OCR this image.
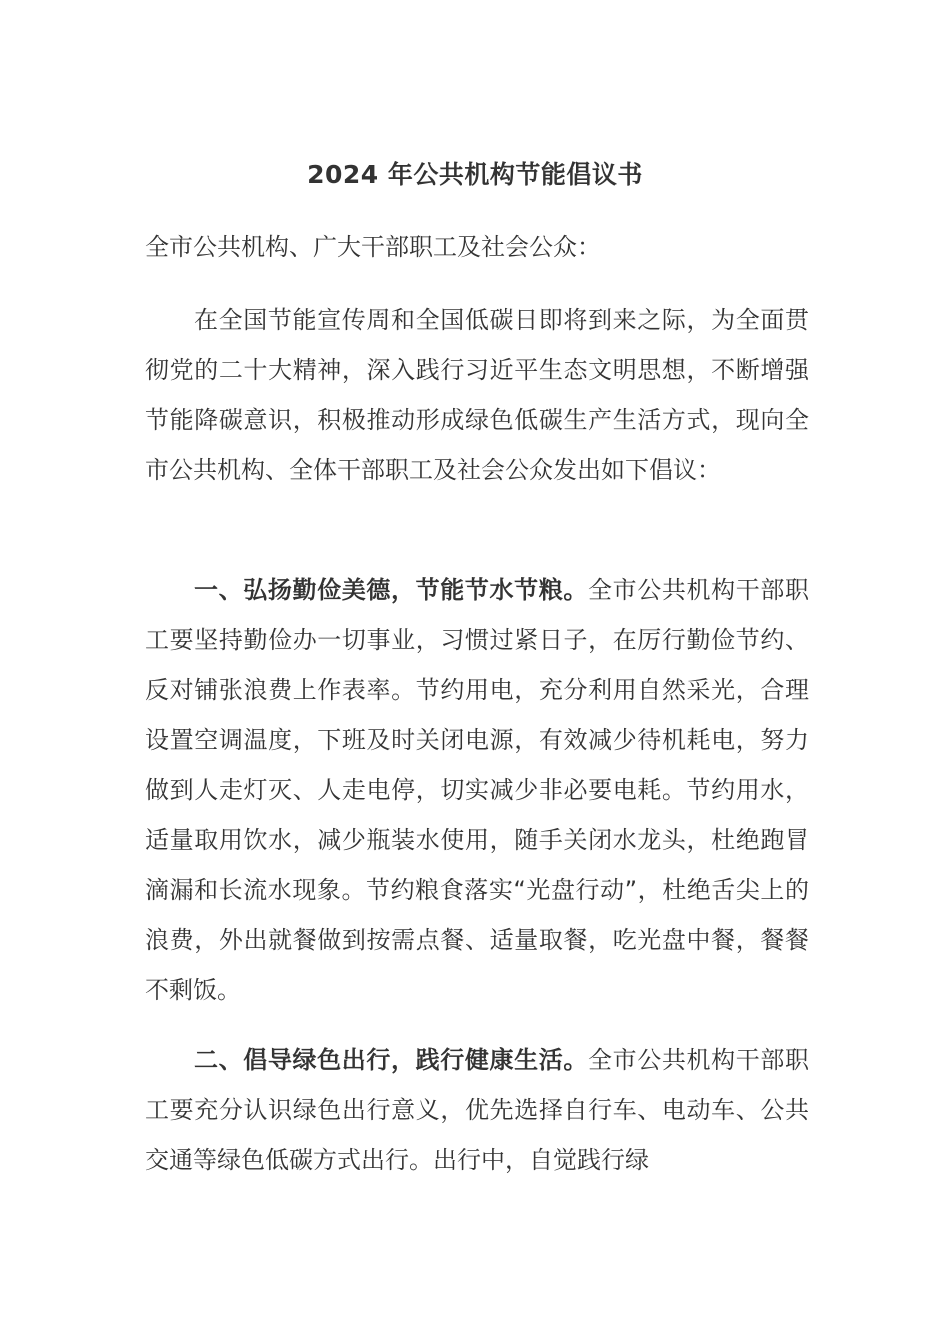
2024 年公共机构节能倡议书
全市公共机构、广大干部职工及社会公众：

在全国节能宣传周和全国低碳日即将到来之际，为全面贯彻党的二十大精神，深入践行习近平生态文明思想，不断增强节能降碳意识，积极推动形成绿色低碳生产生活方式，现向全市公共机构、全体干部职工及社会公众发出如下倡议：

一、弘扬勤俭美德，节能节水节粮。全市公共机构干部职工要坚持勤俭办一切事业，习惯过紧日子，在厉行勤俭节约、反对铺张浪费上作表率。节约用电，充分利用自然采光，合理设置空调温度，下班及时关闭电源，有效减少待机耗电，努力做到人走灯灭、人走电停，切实减少非必要电耗。节约用水，适量取用饮水，减少瓶装水使用，随手关闭水龙头，杜绝跑冒滴漏和长流水现象。节约粮食落实“光盘行动”，杜绝舌尖上的浪费，外出就餐做到按需点餐、适量取餐，吃光盘中餐，餐餐不剩饭。

二、倡导绿色出行，践行健康生活。全市公共机构干部职工要充分认识绿色出行意义，优先选择自行车、电动车、公共交通等绿色低碳方式出行。出行中，自觉践行绿
